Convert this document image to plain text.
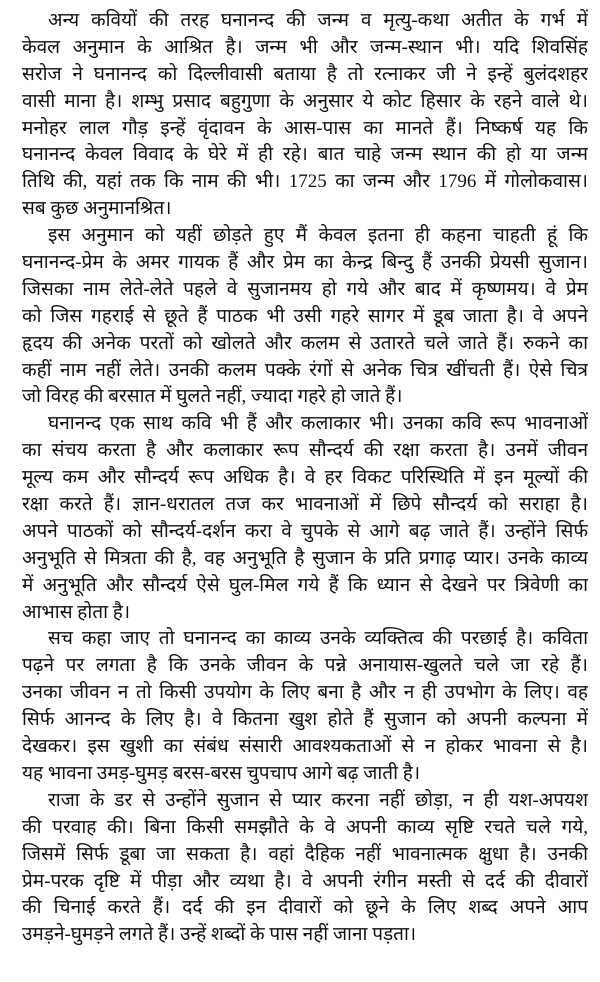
अन्य कवियों की तरह घनानन्द की जन्म व मृत्यु-कथा अतीत के गर्भ में
केवल अनुमान के आश्रित है। जन्म भी और जन्म-स्थान भी। यदि शिवसिंह
सरोज ने घनानन्द को दिल्लीवासी बताया है तो रत्नाकर जी ने इन्हें बुलंदशहर
वासी माना है। शम्भु प्रसाद बहुगुणा के अनुसार ये कोट हिसार के रहने वाले थे।
मनोहर लाल गौड़ इन्हें वृंदावन के आस-पास का मानते हैं। निष्कर्ष यह कि
घनानन्द केवल विवाद के घेरे में ही रहे। बात चाहे जन्म स्थान की हो या जन्म
तिथि की, यहां तक कि नाम की भी। 1725 का जन्म और 1796 में गोलोकवास।
सब कुछ अनुमानश्रित।
इस अनुमान को यहीं छोड़ते हुए मैं केवल इतना ही कहना चाहती हूं कि
घनानन्द-प्रेम के अमर गायक हैं और प्रेम का केन्द्र बिन्दु हैं उनकी प्रेयसी सुजान।
जिसका नाम लेते-लेते पहले वे सुजानमय हो गये और बाद में कृष्णमय। वे प्रेम
को जिस गहराई से छूते हैं पाठक भी उसी गहरे सागर में डूब जाता है। वे अपने
हृदय की अनेक परतों को खोलते और कलम से उतारते चले जाते हैं। रुकने का
कहीं नाम नहीं लेते। उनकी कलम पक्के रंगों से अनेक चित्र खींचती हैं। ऐसे चित्र
जो विरह की बरसात में घुलते नहीं, ज्यादा गहरे हो जाते हैं।
घनानन्द एक साथ कवि भी हैं और कलाकार भी। उनका कवि रूप भावनाओं
का संचय करता है और कलाकार रूप सौन्दर्य की रक्षा करता है। उनमें जीवन
मूल्य कम और सौन्दर्य रूप अधिक है। वे हर विकट परिस्थिति में इन मूल्यों की
रक्षा करते हैं। ज्ञान-धरातल तज कर भावनाओं में छिपे सौन्दर्य को सराहा है।
अपने पाठकों को सौन्दर्य-दर्शन करा वे चुपके से आगे बढ़ जाते हैं। उन्होंने सिर्फ
अनुभूति से मित्रता की है, वह अनुभूति है सुजान के प्रति प्रगाढ़ प्यार। उनके काव्य
में अनुभूति और सौन्दर्य ऐसे घुल-मिल गये हैं कि ध्यान से देखने पर त्रिवेणी का
आभास होता है।
सच कहा जाए तो घनानन्द का काव्य उनके व्यक्तित्व की परछाई है। कविता
पढ़ने पर लगता है कि उनके जीवन के पन्ने अनायास-खुलते चले जा रहे हैं।
उनका जीवन न तो किसी उपयोग के लिए बना है और न ही उपभोग के लिए। वह
सिर्फ आनन्द के लिए है। वे कितना खुश होते हैं सुजान को अपनी कल्पना में
देखकर। इस खुशी का संबंध संसारी आवश्यकताओं से न होकर भावना से है।
यह भावना उमड़-घुमड़ बरस-बरस चुपचाप आगे बढ़ जाती है।
राजा के डर से उन्होंने सुजान से प्यार करना नहीं छोड़ा, न ही यश-अपयश
की परवाह की। बिना किसी समझौते के वे अपनी काव्य सृष्टि रचते चले गये,
जिसमें सिर्फ डूबा जा सकता है। वहां दैहिक नहीं भावनात्मक क्षुधा है। उनकी
प्रेम-परक दृष्टि में पीड़ा और व्यथा है। वे अपनी रंगीन मस्ती से दर्द की दीवारों
की चिनाई करते हैं। दर्द की इन दीवारों को छूने के लिए शब्द अपने आप
उमड़ने-घुमड़ने लगते हैं। उन्हें शब्दों के पास नहीं जाना पड़ता।
